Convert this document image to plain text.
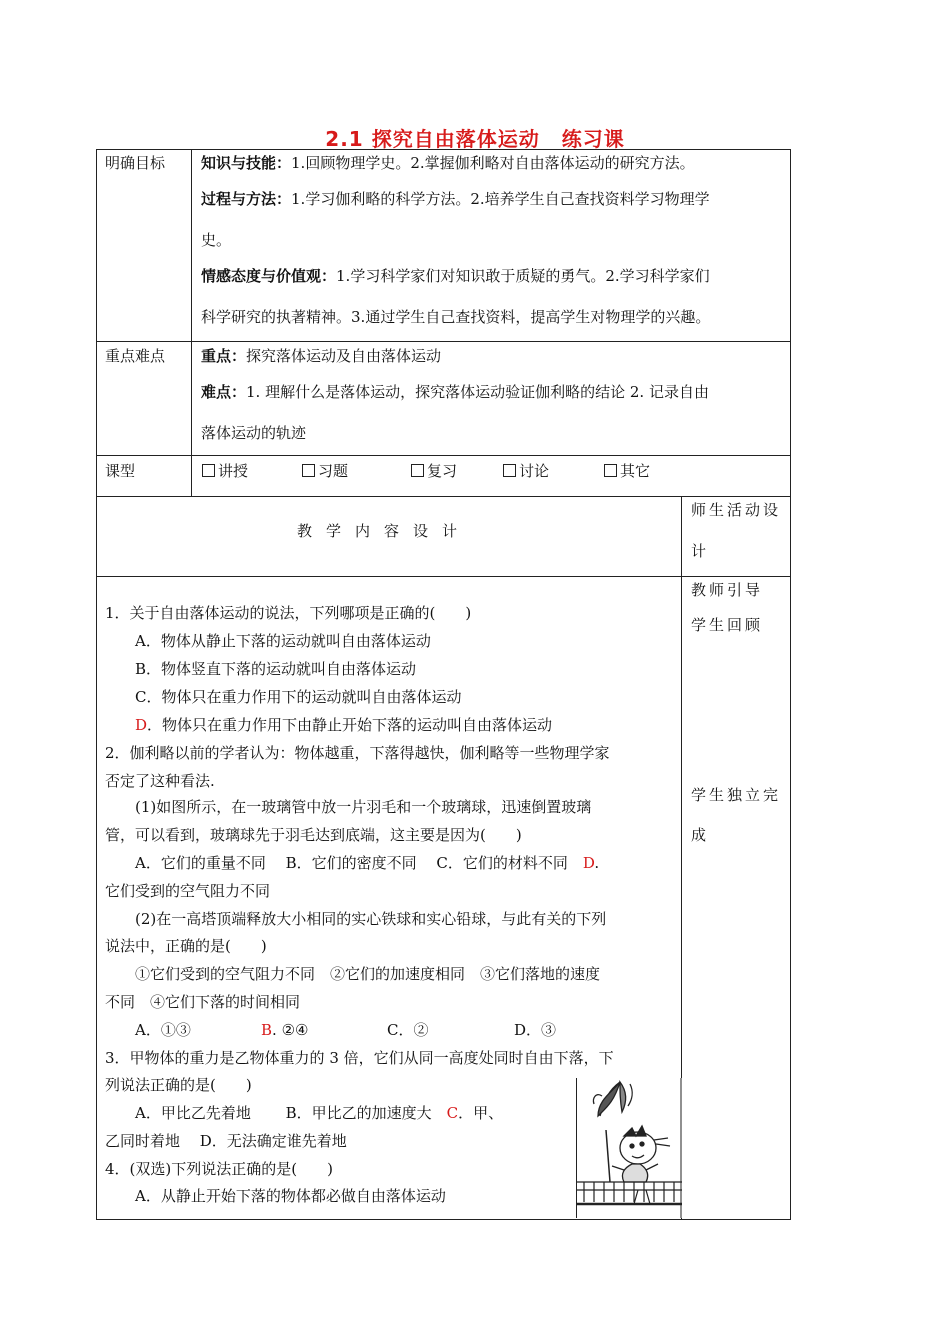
2.1 探究自由落体运动 练习课
明确目标 知识与技能：1.回顾物理学史。2.掌握伽利略对自由落体运动的研究方法。
过程与方法：1.学习伽利略的科学方法。2.培养学生自己查找资料学习物理学
史。
情感态度与价值观：1.学习科学家们对知识敢于质疑的勇气。2.学习科学家们
科学研究的执著精神。3.通过学生自己查找资料，提高学生对物理学的兴趣。
重点难点 重点：探究落体运动及自由落体运动
难点：1. 理解什么是落体运动，探究落体运动验证伽利略的结论 2. 记录自由
落体运动的轨迹
课型	讲授	习题	复习	讨论	其它
教学内容设计
师生活动设
计
教师引导
学生回顾
学生独立完
成
1．关于自由落体运动的说法，下列哪项是正确的(　　)
A．物体从静止下落的运动就叫自由落体运动
B．物体竖直下落的运动就叫自由落体运动
C．物体只在重力作用下的运动就叫自由落体运动
D．物体只在重力作用下由静止开始下落的运动叫自由落体运动
2．伽利略以前的学者认为：物体越重，下落得越快，伽利略等一些物理学家
否定了这种看法.
(1)如图所示，在一玻璃管中放一片羽毛和一个玻璃球，迅速倒置玻璃
管，可以看到，玻璃球先于羽毛达到底端，这主要是因为(　　)
A．它们的重量不同　 B．它们的密度不同　 C．它们的材料不同　D.
它们受到的空气阻力不同
(2)在一高塔顶端释放大小相同的实心铁球和实心铅球，与此有关的下列
说法中，正确的是(　　)
①它们受到的空气阻力不同　②它们的加速度相同　③它们落地的速度
不同　④它们下落的时间相同
A．①③	B. ②④	C．②	D．③
3．甲物体的重力是乙物体重力的 3 倍，它们从同一高度处同时自由下落，下
列说法正确的是(　　)
A．甲比乙先着地　　 B．甲比乙的加速度大　C．甲、
乙同时着地　 D．无法确定谁先着地
4．(双选)下列说法正确的是(　　)
A．从静止开始下落的物体都必做自由落体运动
